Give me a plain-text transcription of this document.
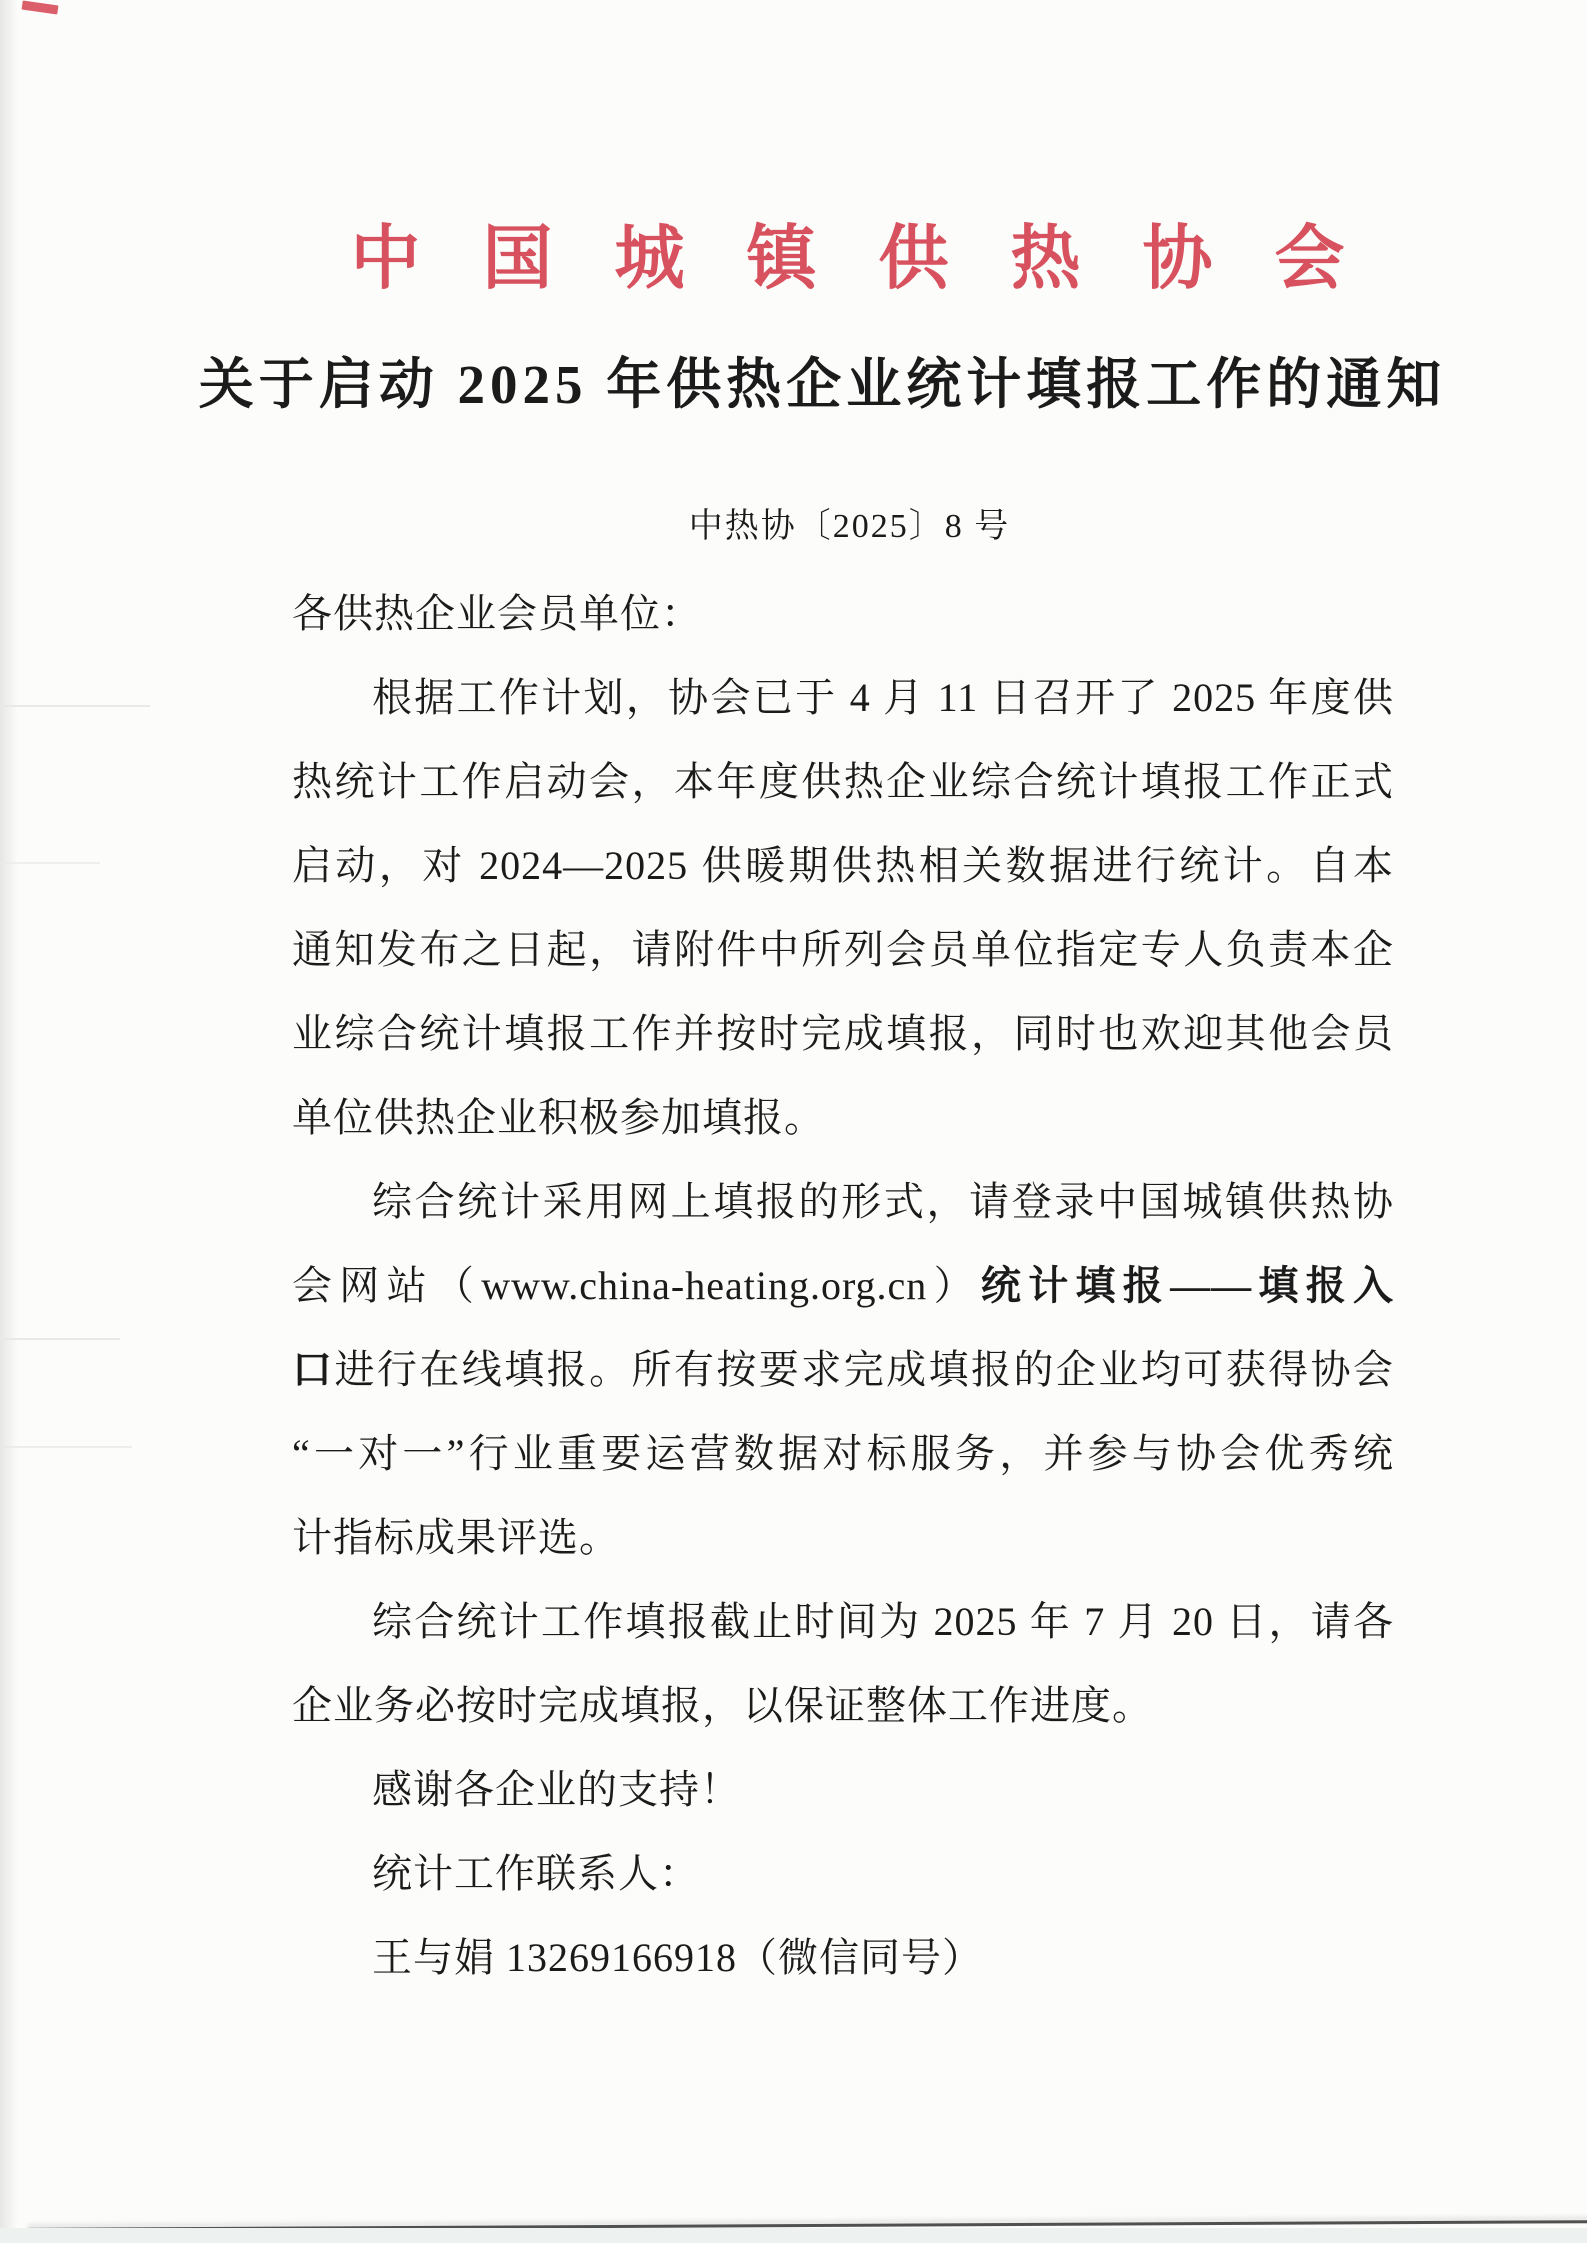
中国城镇供热协会
关于启动 2025 年供热企业统计填报工作的通知
中热协〔2025〕8 号
各供热企业会员单位：
根据工作计划，协会已于 4 月 11 日召开了 2025 年度供
热统计工作启动会，本年度供热企业综合统计填报工作正式
启动，对 2024—2025 供暖期供热相关数据进行统计。自本
通知发布之日起，请附件中所列会员单位指定专人负责本企
业综合统计填报工作并按时完成填报，同时也欢迎其他会员
单位供热企业积极参加填报。
综合统计采用网上填报的形式，请登录中国城镇供热协
会网站（www.china-heating.org.cn）统计填报——填报入
口进行在线填报。所有按要求完成填报的企业均可获得协会
“一对一”行业重要运营数据对标服务，并参与协会优秀统
计指标成果评选。
综合统计工作填报截止时间为 2025 年 7 月 20 日，请各
企业务必按时完成填报，以保证整体工作进度。
感谢各企业的支持！
统计工作联系人：
王与娟 13269166918（微信同号）
